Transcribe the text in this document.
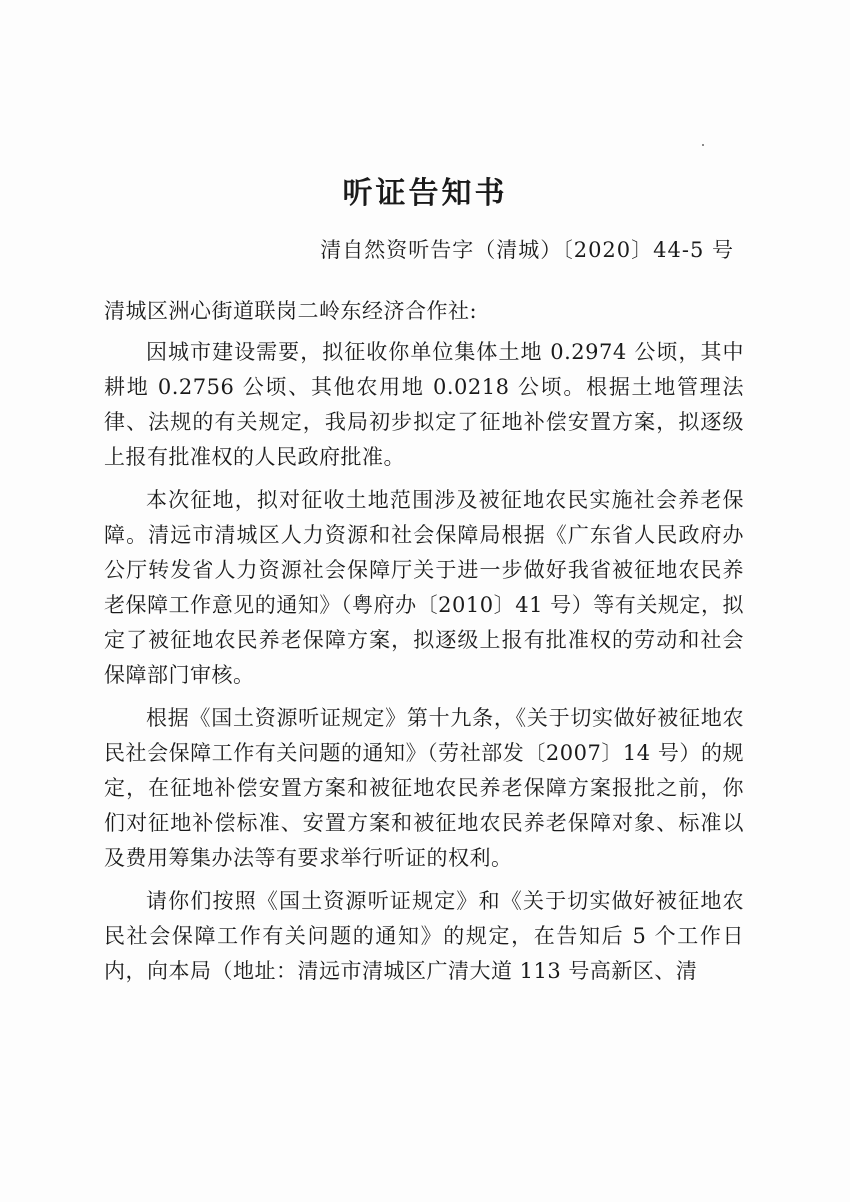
听证告知书
清自然资听告字（清城）〔2020〕44-5 号

清城区洲心街道联岗二岭东经济合作社:

因城市建设需要，拟征收你单位集体土地 0.2974 公顷，其中耕地 0.2756 公顷、其他农用地 0.0218 公顷。根据土地管理法律、法规的有关规定，我局初步拟定了征地补偿安置方案，拟逐级上报有批准权的人民政府批准。

本次征地，拟对征收土地范围涉及被征地农民实施社会养老保障。清远市清城区人力资源和社会保障局根据《广东省人民政府办公厅转发省人力资源社会保障厅关于进一步做好我省被征地农民养老保障工作意见的通知》（粤府办〔2010〕41 号）等有关规定，拟定了被征地农民养老保障方案，拟逐级上报有批准权的劳动和社会保障部门审核。

根据《国土资源听证规定》第十九条，《关于切实做好被征地农民社会保障工作有关问题的通知》（劳社部发〔2007〕14 号）的规定，在征地补偿安置方案和被征地农民养老保障方案报批之前，你们对征地补偿标准、安置方案和被征地农民养老保障对象、标准以及费用筹集办法等有要求举行听证的权利。

请你们按照《国土资源听证规定》和《关于切实做好被征地农民社会保障工作有关问题的通知》的规定，在告知后 5 个工作日内，向本局（地址：清远市清城区广清大道 113 号高新区、清
